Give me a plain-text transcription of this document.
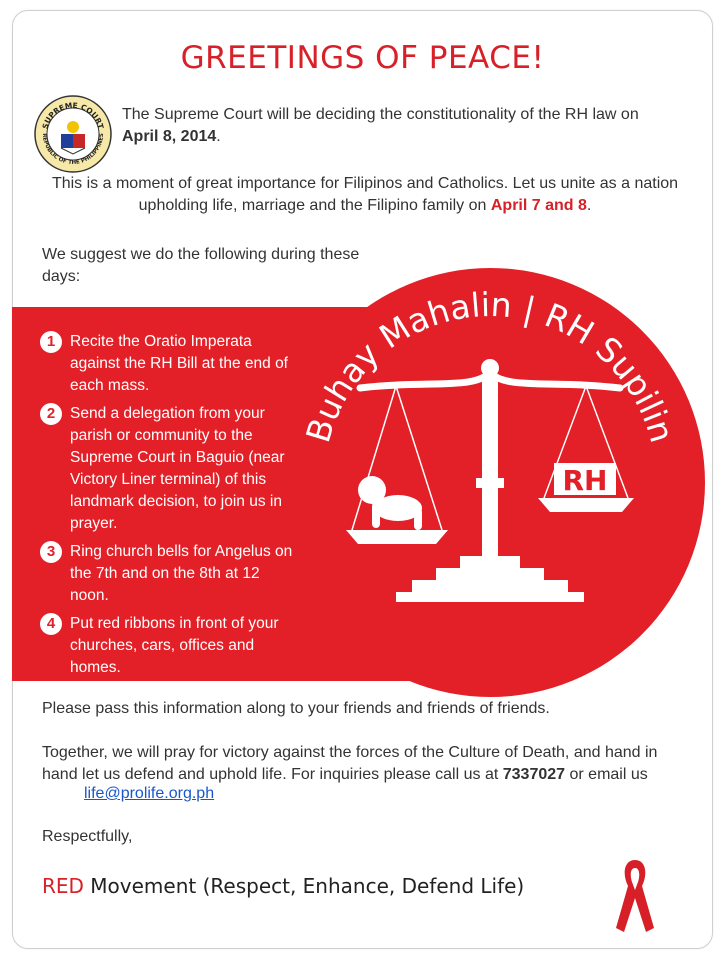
GREETINGS OF PEACE!
SUPREME COURT
REPUBLIC OF THE PHILIPPINES
The Supreme Court will be deciding the constitutionality of the RH law on
April 8, 2014.
This is a moment of great importance for Filipinos and Catholics. Let us unite as a nation upholding life, marriage and the Filipino family on April 7 and 8.
We suggest we do the following during these days:
Buhay Mahalin | RH Supilin
RH
1 Recite the Oratio Imperata against the RH Bill at the end of each mass.
2 Send a delegation from your parish or community to the Supreme Court in Baguio (near Victory Liner terminal) of this landmark decision, to join us in prayer.
3 Ring church bells for Angelus on the 7th and on the 8th at 12 noon.
4 Put red ribbons in front of your churches, cars, offices and homes.
Please pass this information along to your friends and friends of friends.
Together, we will pray for victory against the forces of the Culture of Death, and hand in hand let us defend and uphold life. For inquiries please call us at 7337027 or email us
life@prolife.org.ph
Respectfully,
RED Movement (Respect, Enhance, Defend Life)
